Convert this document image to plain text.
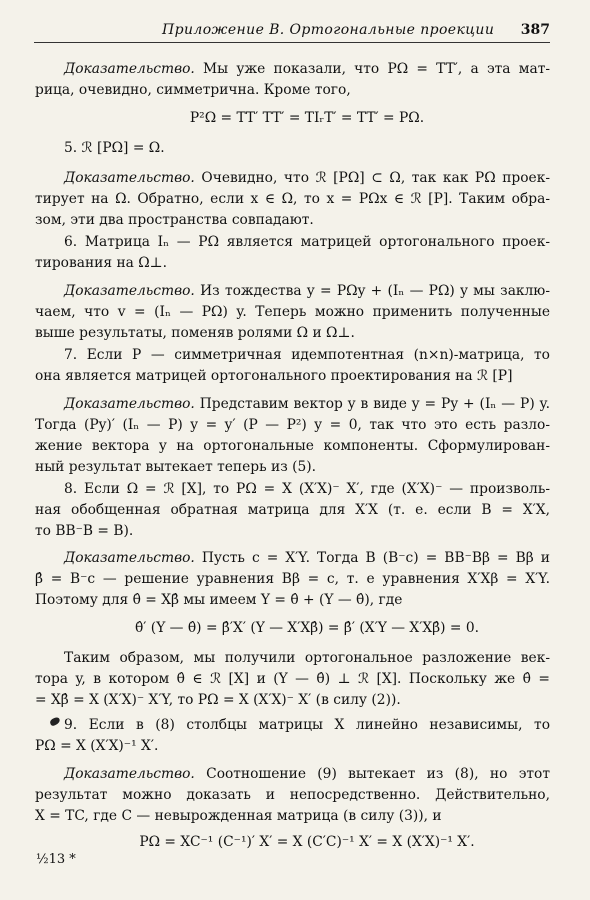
Приложение В. Ортогональные проекции 387
Доказательство. Мы уже показали, что PΩ = TT′, а эта мат-
рица, очевидно, симметрична. Кроме того,
P²Ω = TT′ TT′ = TIᵣT′ = TT′ = PΩ.
5. ℛ [PΩ] = Ω.
Доказательство. Очевидно, что ℛ [PΩ] ⊂ Ω, так как PΩ проек-
тирует на Ω. Обратно, если x ∈ Ω, то x = PΩx ∈ ℛ [P]. Таким обра-
зом, эти два пространства совпадают.
6. Матрица Iₙ — PΩ является матрицей ортогонального проек-
тирования на Ω⊥.
Доказательство. Из тождества y = PΩy + (Iₙ — PΩ) y мы заклю-
чаем, что v = (Iₙ — PΩ) y. Теперь можно применить полученные
выше результаты, поменяв ролями Ω и Ω⊥.
7. Если P — симметричная идемпотентная (n×n)-матрица, то
она является матрицей ортогонального проектирования на ℛ [P]
Доказательство. Представим вектор y в виде y = Py + (Iₙ — P) y.
Тогда (Py)′ (Iₙ — P) y = y′ (P — P²) y = 0, так что это есть разло-
жение вектора y на ортогональные компоненты. Сформулирован-
ный результат вытекает теперь из (5).
8. Если Ω = ℛ [X], то PΩ = X (X′X)⁻ X′, где (X′X)⁻ — произволь-
ная обобщенная обратная матрица для X′X (т. е. если B = X′X,
то BB⁻B = B).
Доказательство. Пусть c = X′Y. Тогда B (B⁻c) = BB⁻Bβ = Bβ и
β̂ = B⁻c — решение уравнения Bβ = c, т. е уравнения X′Xβ = X′Y.
Поэтому для θ̂ = Xβ̂ мы имеем Y = θ̂ + (Y — θ̂), где
θ̂′ (Y — θ̂) = β̂′X′ (Y — X′Xβ̂) = β̂′ (X′Y — X′Xβ̂) = 0.
Таким образом, мы получили ортогональное разложение век-
тора y, в котором θ̂ ∈ ℛ [X] и (Y — θ̂) ⊥ ℛ [X]. Поскольку же θ̂ =
= Xβ̂ = X (X′X)⁻ X′Y, то PΩ = X (X′X)⁻ X′ (в силу (2)).
9. Если в (8) столбцы матрицы X линейно независимы, то
PΩ = X (X′X)⁻¹ X′.
Доказательство. Соотношение (9) вытекает из (8), но этот
результат можно доказать и непосредственно. Действительно,
X = TC, где C — невырожденная матрица (в силу (3)), и
PΩ = XC⁻¹ (C⁻¹)′ X′ = X (C′C)⁻¹ X′ = X (X′X)⁻¹ X′.
½13 *
